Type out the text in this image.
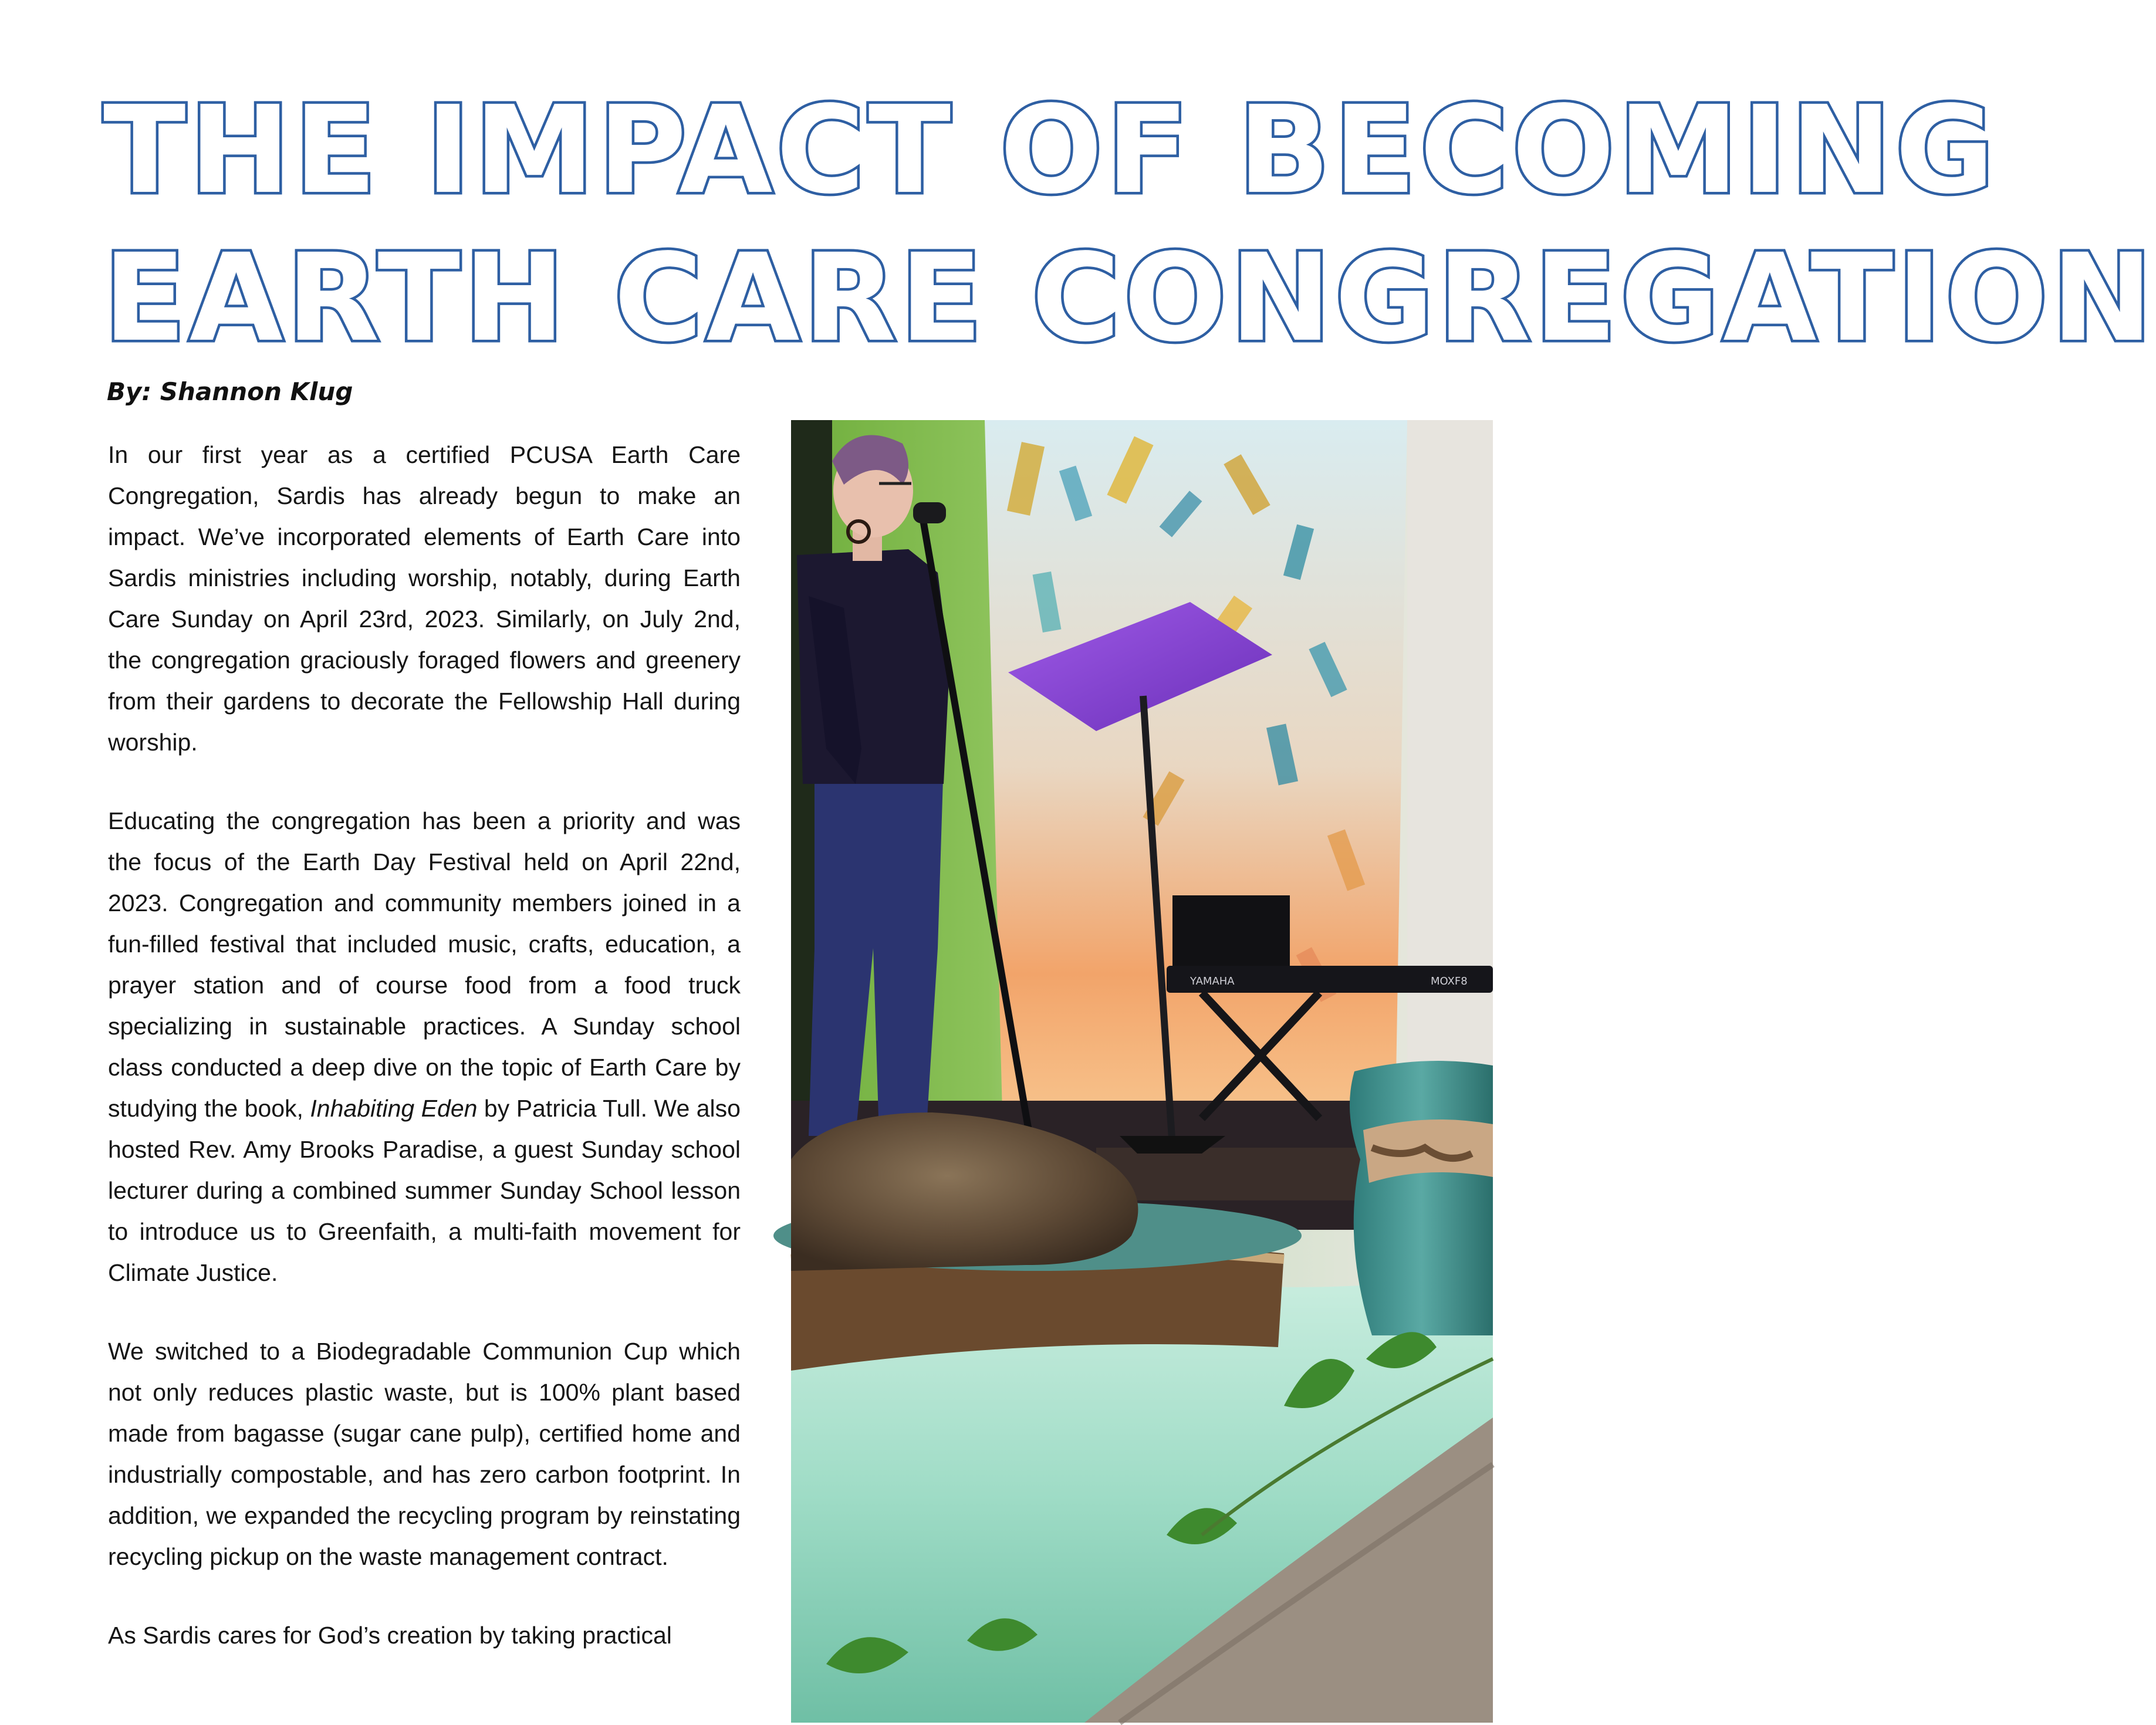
THE IMPACT OF BECOMING
EARTH CARE CONGREGATION

By: Shannon Klug

In our first year as a certified PCUSA Earth Care Congregation, Sardis has already begun to make an impact. We’ve incorporated elements of Earth Care into Sardis ministries including worship, notably, during Earth Care Sunday on April 23rd, 2023. Similarly, on July 2nd, the congregation graciously foraged flowers and greenery from their gardens to decorate the Fellowship Hall during worship.

Educating the congregation has been a priority and was the focus of the Earth Day Festival held on April 22nd, 2023. Congregation and community members joined in a fun-filled festival that included music, crafts, education, a prayer station and of course food from a food truck specializing in sustainable practices. A Sunday school class conducted a deep dive on the topic of Earth Care by studying the book, Inhabiting Eden by Patricia Tull. We also hosted Rev. Amy Brooks Paradise, a guest Sunday school lecturer during a combined summer Sunday School lesson to introduce us to Greenfaith, a multi-faith movement for Climate Justice.

We switched to a Biodegradable Communion Cup which not only reduces plastic waste, but is 100% plant based made from bagasse (sugar cane pulp), certified home and industrially compostable, and has zero carbon footprint. In addition, we expanded the recycling program by reinstating recycling pickup on the waste management contract.

As Sardis cares for God’s creation by taking practical

YAMAHA	MOXF8
